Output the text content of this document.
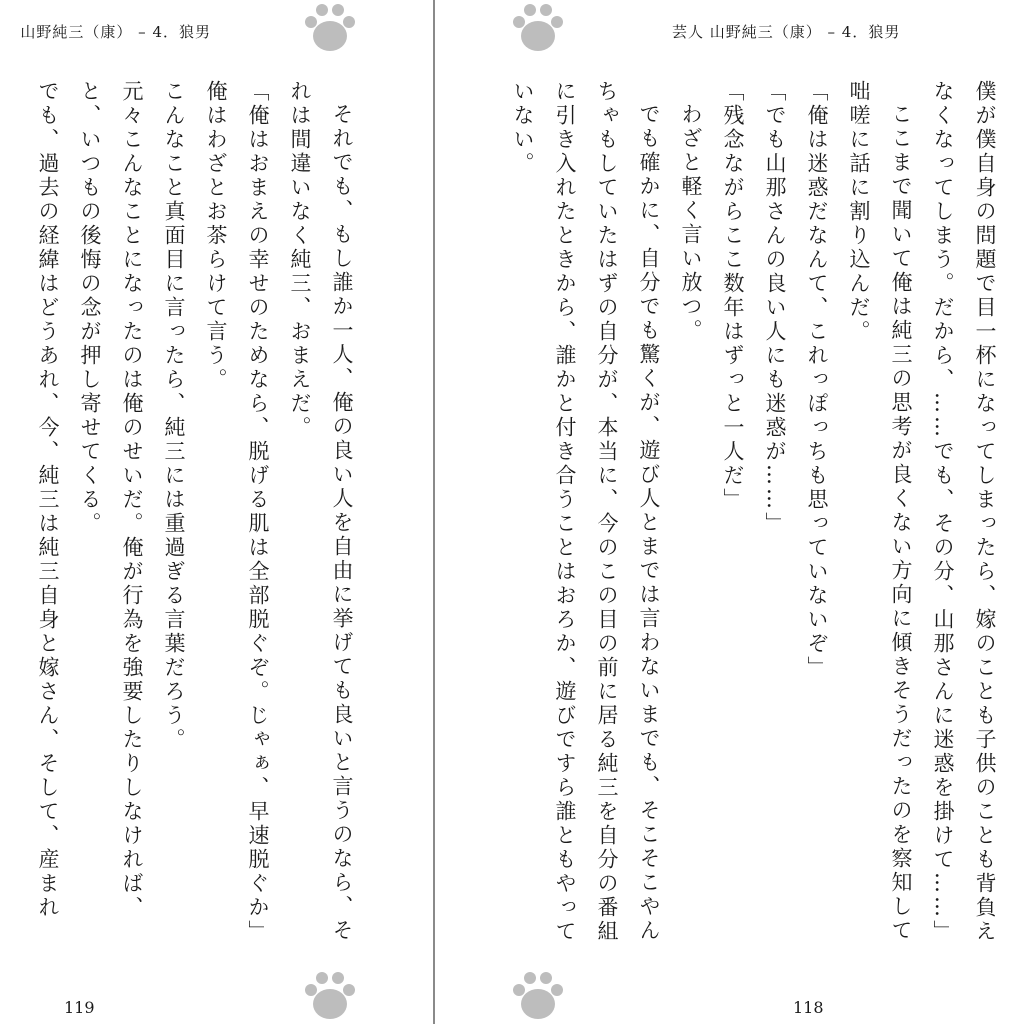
芸人 山野純三（康） – 4．狼男
僕が僕自身の問題で目一杯になってしまったら、嫁のことも子供のことも背負え
なくなってしまう。だから、……でも、その分、山那さんに迷惑を掛けて……」
ここまで聞いて俺は純三の思考が良くない方向に傾きそうだったのを察知して
咄嗟に話に割り込んだ。
「俺は迷惑だなんて、これっぽっちも思っていないぞ」
「でも山那さんの良い人にも迷惑が……」
「残念ながらここ数年はずっと一人だ」
わざと軽く言い放つ。
でも確かに、自分でも驚くが、遊び人とまでは言わないまでも、そこそこやん
ちゃもしていたはずの自分が、本当に、今のこの目の前に居る純三を自分の番組
に引き入れたときから、誰かと付き合うことはおろか、遊びですら誰ともやって
いない。
118
山野純三（康） – 4．狼男
それでも、もし誰か一人、俺の良い人を自由に挙げても良いと言うのなら、そ
れは間違いなく純三、おまえだ。
「俺はおまえの幸せのためなら、脱げる肌は全部脱ぐぞ。じゃぁ、早速脱ぐか」
俺はわざとお茶らけて言う。
こんなこと真面目に言ったら、純三には重過ぎる言葉だろう。
元々こんなことになったのは俺のせいだ。俺が行為を強要したりしなければ、
と、いつもの後悔の念が押し寄せてくる。
でも、過去の経緯はどうあれ、今、純三は純三自身と嫁さん、そして、産まれ
119
